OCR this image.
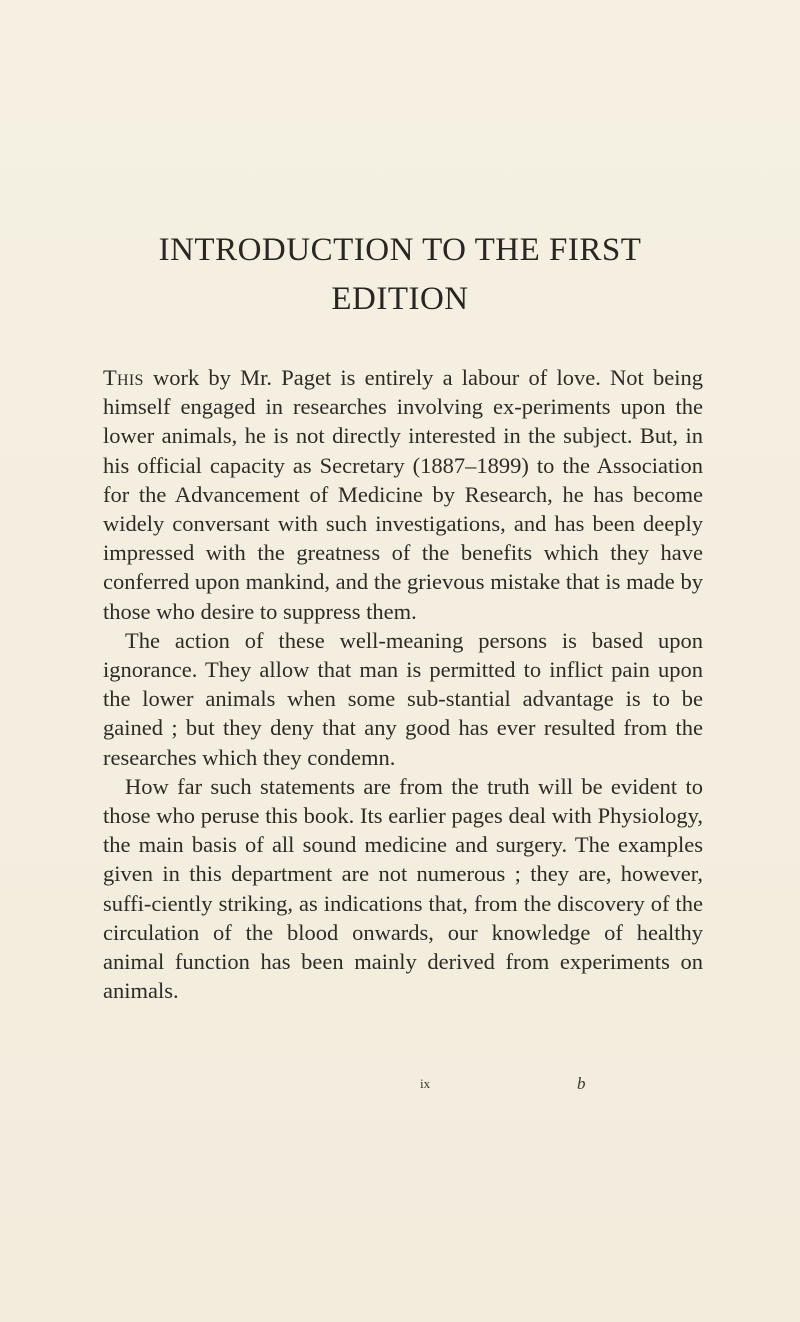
INTRODUCTION TO THE FIRST
EDITION

This work by Mr. Paget is entirely a labour of love. Not being himself engaged in researches involving ex-periments upon the lower animals, he is not directly interested in the subject. But, in his official capacity as Secretary (1887–1899) to the Association for the Advancement of Medicine by Research, he has become widely conversant with such investigations, and has been deeply impressed with the greatness of the benefits which they have conferred upon mankind, and the grievous mistake that is made by those who desire to suppress them.

The action of these well-meaning persons is based upon ignorance. They allow that man is permitted to inflict pain upon the lower animals when some sub-stantial advantage is to be gained ; but they deny that any good has ever resulted from the researches which they condemn.

How far such statements are from the truth will be evident to those who peruse this book. Its earlier pages deal with Physiology, the main basis of all sound medicine and surgery. The examples given in this department are not numerous ; they are, however, suffi-ciently striking, as indications that, from the discovery of the circulation of the blood onwards, our knowledge of healthy animal function has been mainly derived from experiments on animals.

ix	b
